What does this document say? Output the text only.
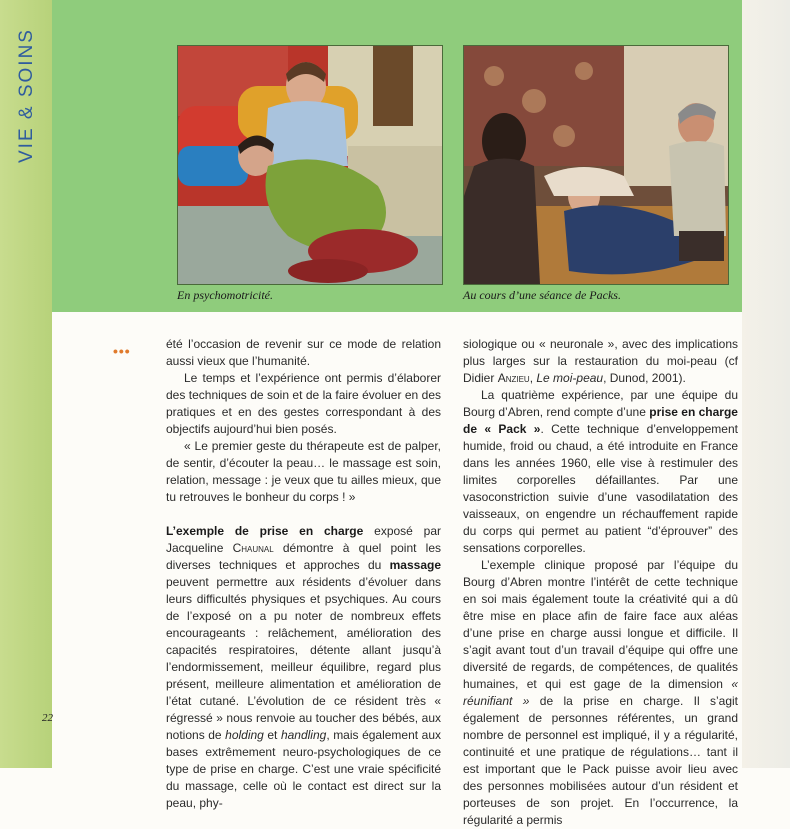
VIE & SOINS
En psychomotricité.	Au cours d’une séance de Packs.
•••	été l’occasion de revenir sur ce mode de relation aussi vieux que l’humanité.

Le temps et l’expérience ont permis d’élaborer des techniques de soin et de la faire évoluer en des pratiques et en des gestes correspondant à des objectifs aujourd’hui bien posés.

« Le premier geste du thérapeute est de palper, de sentir, d’écouter la peau… le massage est soin, relation, message : je veux que tu ailles mieux, que tu retrouves le bonheur du corps ! »

L’exemple de prise en charge exposé par Jacqueline Chaunal démontre à quel point les diverses techniques et approches du massage peuvent permettre aux résidents d’évoluer dans leurs difficultés physiques et psychiques. Au cours de l’exposé on a pu noter de nombreux effets encourageants : relâchement, amélioration des capacités respiratoires, détente allant jusqu’à l’endormissement, meilleur équilibre, regard plus présent, meilleure alimentation et amélioration de l’état cutané. L’évolution de ce résident très « régressé » nous renvoie au toucher des bébés, aux notions de holding et handling, mais également aux bases extrêmement neuro-psychologiques de ce type de prise en charge. C’est une vraie spécificité du massage, celle où le contact est direct sur la peau, phy-

siologique ou « neuronale », avec des implications plus larges sur la restauration du moi-peau (cf Didier Anzieu, Le moi-peau, Dunod, 2001).

La quatrième expérience, par une équipe du Bourg d’Abren, rend compte d’une prise en charge de « Pack ». Cette technique d’enveloppement humide, froid ou chaud, a été introduite en France dans les années 1960, elle vise à restimuler des limites corporelles défaillantes. Par une vasoconstriction suivie d’une vasodilatation des vaisseaux, on engendre un réchauffement rapide du corps qui permet au patient “d’éprouver” des sensations corporelles.

L’exemple clinique proposé par l’équipe du Bourg d’Abren montre l’intérêt de cette technique en soi mais également toute la créativité qui a dû être mise en place afin de faire face aux aléas d’une prise en charge aussi longue et difficile. Il s’agit avant tout d’un travail d’équipe qui offre une diversité de regards, de compétences, de qualités humaines, et qui est gage de la dimension « réunifiant » de la prise en charge. Il s’agit également de personnes référentes, un grand nombre de personnel est impliqué, il y a régularité, continuité et une pratique de régulations… tant il est important que le Pack puisse avoir lieu avec des personnes mobilisées autour d’un résident et porteuses de son projet. En l’occurrence, la régularité a permis

22
